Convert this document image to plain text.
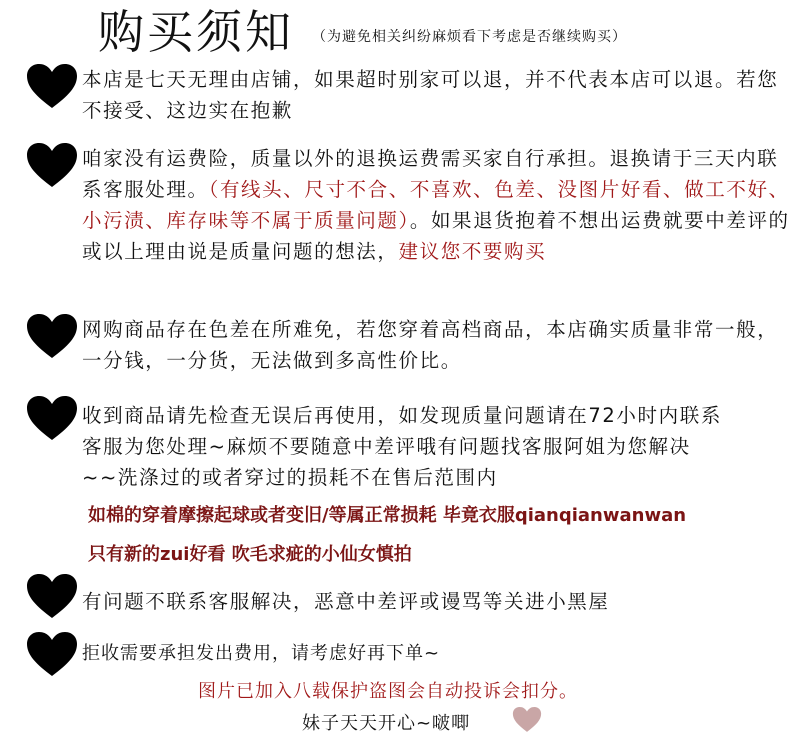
购买须知 （为避免相关纠纷麻烦看下考虑是否继续购买）
本店是七天无理由店铺，如果超时别家可以退，并不代表本店可以退。若您不接受、这边实在抱歉
咱家没有运费险，质量以外的退换运费需买家自行承担。退换请于三天内联系客服处理。（有线头、尺寸不合、不喜欢、色差、没图片好看、做工不好、小污渍、库存味等不属于质量问题）。如果退货抱着不想出运费就要中差评的或以上理由说是质量问题的想法，建议您不要购买
网购商品存在色差在所难免，若您穿着高档商品，本店确实质量非常一般，一分钱，一分货，无法做到多高性价比。
收到商品请先检查无误后再使用，如发现质量问题请在72小时内联系客服为您处理~麻烦不要随意中差评哦有问题找客服阿姐为您解决~~洗涤过的或者穿过的损耗不在售后范围内
如棉的穿着摩擦起球或者变旧/等属正常损耗 毕竟衣服qianqianwanwan
只有新的zui好看 吹毛求疵的小仙女慎拍
有问题不联系客服解决，恶意中差评或谩骂等关进小黑屋
拒收需要承担发出费用，请考虑好再下单~
图片已加入八载保护盗图会自动投诉会扣分。
妹子天天开心~啵唧
